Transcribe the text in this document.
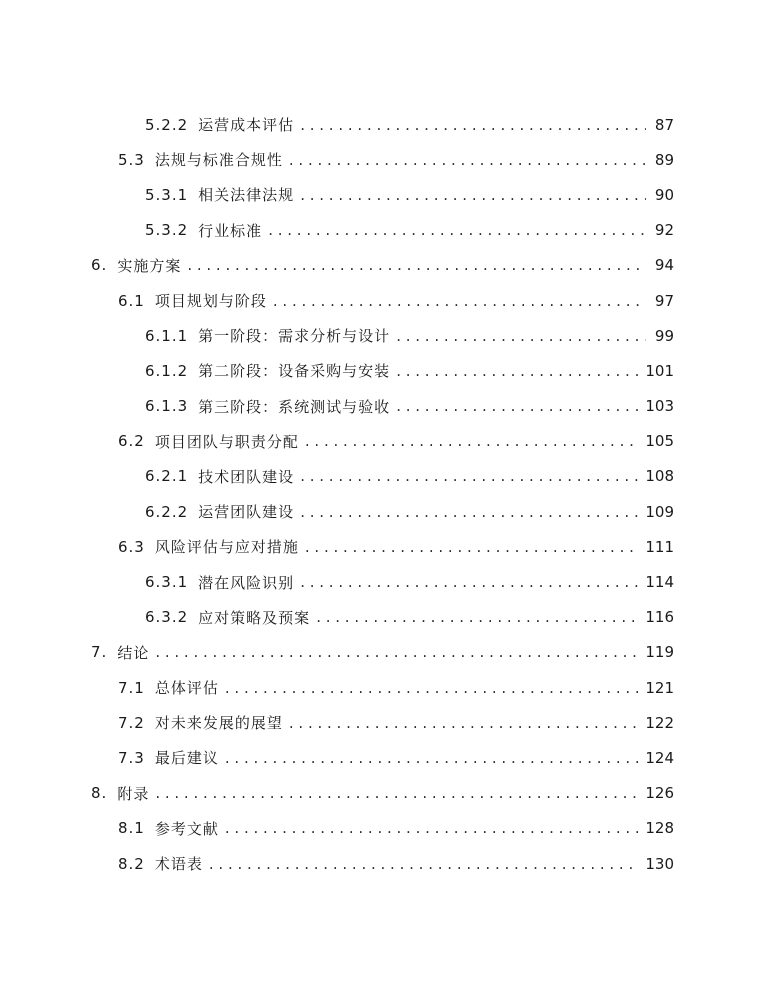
5.2.2 运营成本评估 . . .	87
5.3 法规与标准合规性 . . .	89
5.3.1 相关法律法规 . . .	90
5.3.2 行业标准 . . .	92
6. 实施方案 . . .	94
6.1 项目规划与阶段 . . .	97
6.1.1 第一阶段：需求分析与设计 . . .	99
6.1.2 第二阶段：设备采购与安装 . . .	101
6.1.3 第三阶段：系统测试与验收 . . .	103
6.2 项目团队与职责分配 . . .	105
6.2.1 技术团队建设 . . .	108
6.2.2 运营团队建设 . . .	109
6.3 风险评估与应对措施 . . .	111
6.3.1 潜在风险识别 . . .	114
6.3.2 应对策略及预案 . . .	116
7. 结论 . . .	119
7.1 总体评估 . . .	121
7.2 对未来发展的展望 . . .	122
7.3 最后建议 . . .	124
8. 附录 . . .	126
8.1 参考文献 . . .	128
8.2 术语表 . . .	130
